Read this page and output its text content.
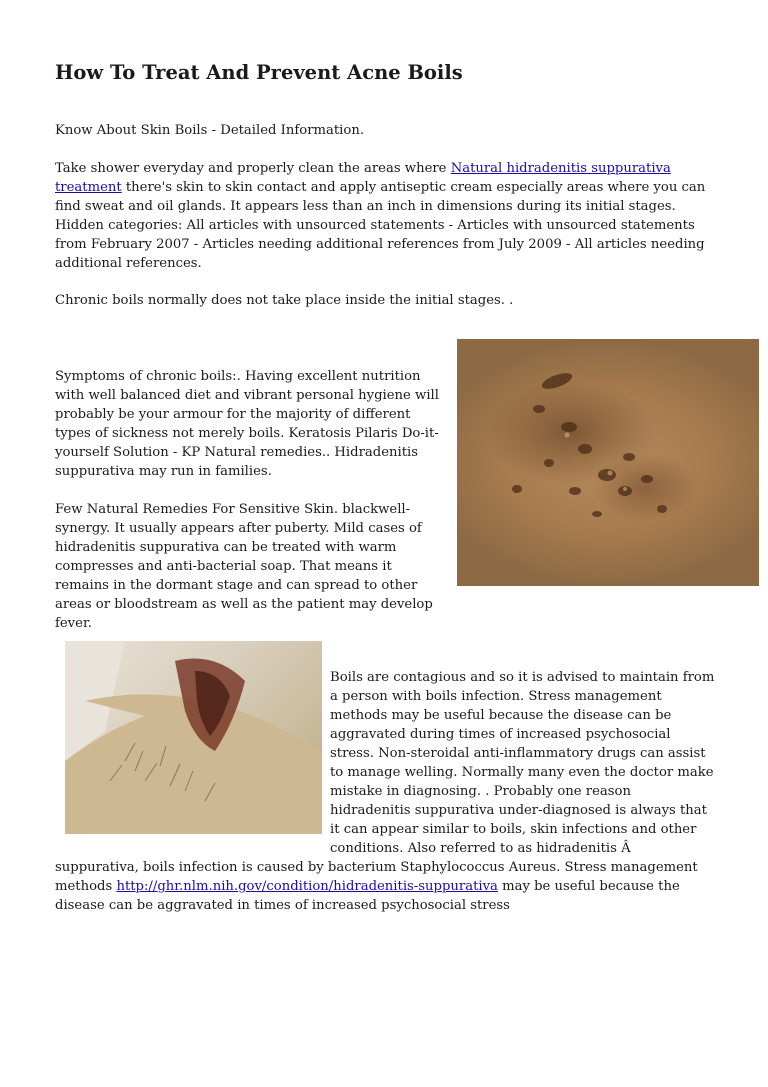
How To Treat And Prevent Acne Boils

Know About Skin Boils - Detailed Information.

Take shower everyday and properly clean the areas where Natural hidradenitis suppurativa treatment there's skin to skin contact and apply antiseptic cream especially areas where you can find sweat and oil glands. It appears less than an inch in dimensions during its initial stages. Hidden categories: All articles with unsourced statements - Articles with unsourced statements from February 2007 - Articles needing additional references from July 2009 - All articles needing additional references.

Chronic boils normally does not take place inside the initial stages. .

Symptoms of chronic boils:. Having excellent nutrition with well balanced diet and vibrant personal hygiene will probably be your armour for the majority of different types of sickness not merely boils. Keratosis Pilaris Do-it-yourself Solution - KP Natural remedies.. Hidradenitis suppurativa may run in families.

Few Natural Remedies For Sensitive Skin. blackwell-synergy. It usually appears after puberty. Mild cases of hidradenitis suppurativa can be treated with warm compresses and anti-bacterial soap. That means it remains in the dormant stage and can spread to other areas or bloodstream as well as the patient may develop fever.

Boils are contagious and so it is advised to maintain from a person with boils infection. Stress management methods may be useful because the disease can be aggravated during times of increased psychosocial stress. Non-steroidal anti-inflammatory drugs can assist to manage welling. Normally many even the doctor make mistake in diagnosing. . Probably one reason hidradenitis suppurativa under-diagnosed is always that it can appear similar to boils, skin infections and other conditions. Also referred to as hidradenitis Â suppurativa, boils infection is caused by bacterium Staphylococcus Aureus. Stress management methods http://ghr.nlm.nih.gov/condition/hidradenitis-suppurativa may be useful because the disease can be aggravated in times of increased psychosocial stress
